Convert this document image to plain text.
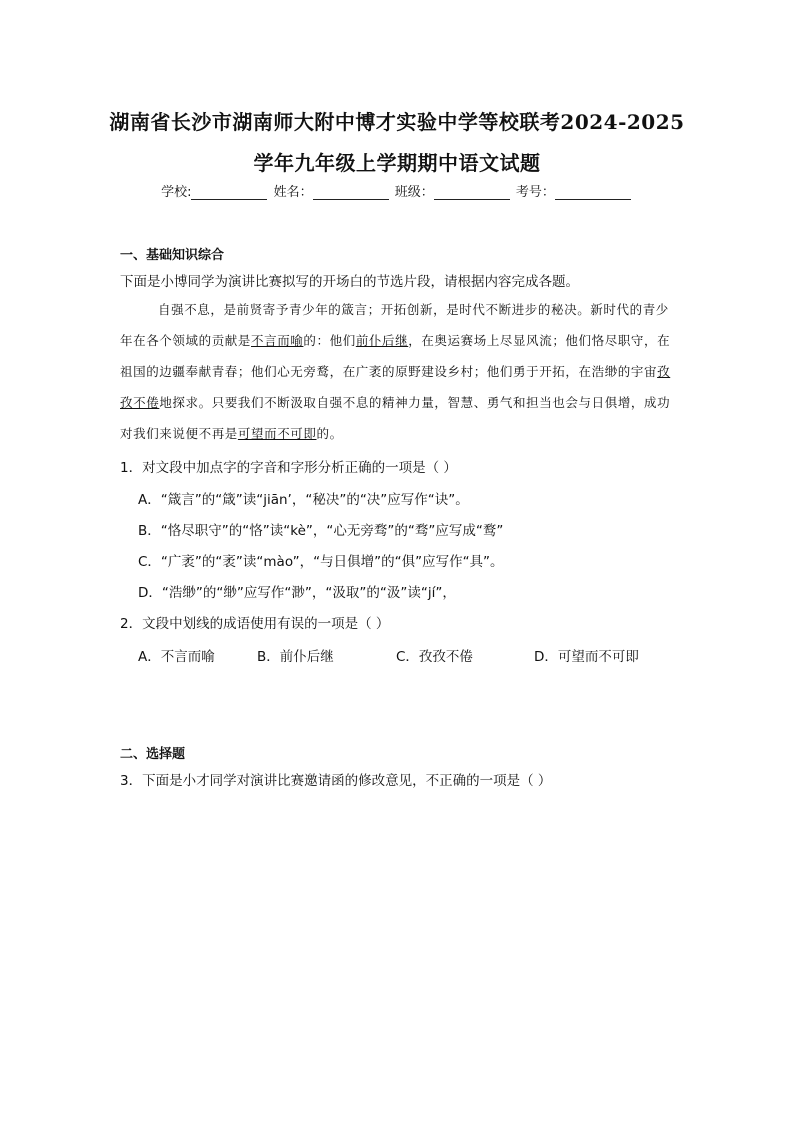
湖南省长沙市湖南师大附中博才实验中学等校联考2024-2025
学年九年级上学期期中语文试题
学校:	姓名：	班级：	考号：
一、基础知识综合
下面是小博同学为演讲比赛拟写的开场白的节选片段，请根据内容完成各题。
自强不息，是前贤寄予青少年的箴言；开拓创新，是时代不断进步的秘决。新时代的青少年在各个领域的贡献是不言而喻的：他们前仆后继，在奥运赛场上尽显风流；他们恪尽职守，在祖国的边疆奉献青春；他们心无旁鹜，在广袤的原野建设乡村；他们勇于开拓，在浩缈的宇宙孜孜不倦地探求。只要我们不断汲取自强不息的精神力量，智慧、勇气和担当也会与日俱增，成功对我们来说便不再是可望而不可即的。
1．对文段中加点字的字音和字形分析正确的一项是（ ）
A．“箴言”的“箴”读“jiān’，“秘决”的“决”应写作“诀”。
B．“恪尽职守”的“恪”读“kè”，“心无旁骛”的“骛”应写成“鹜”
C．“广袤”的“袤”读“mào”，“与日俱增”的“俱”应写作“具”。
D．“浩缈”的“缈”应写作“渺”，“汲取”的“汲”读“jí”，
2．文段中划线的成语使用有误的一项是（ ）
A．不言而喻	B．前仆后继	C．孜孜不倦	D．可望而不可即
二、选择题
3．下面是小才同学对演讲比赛邀请函的修改意见，不正确的一项是（ ）
